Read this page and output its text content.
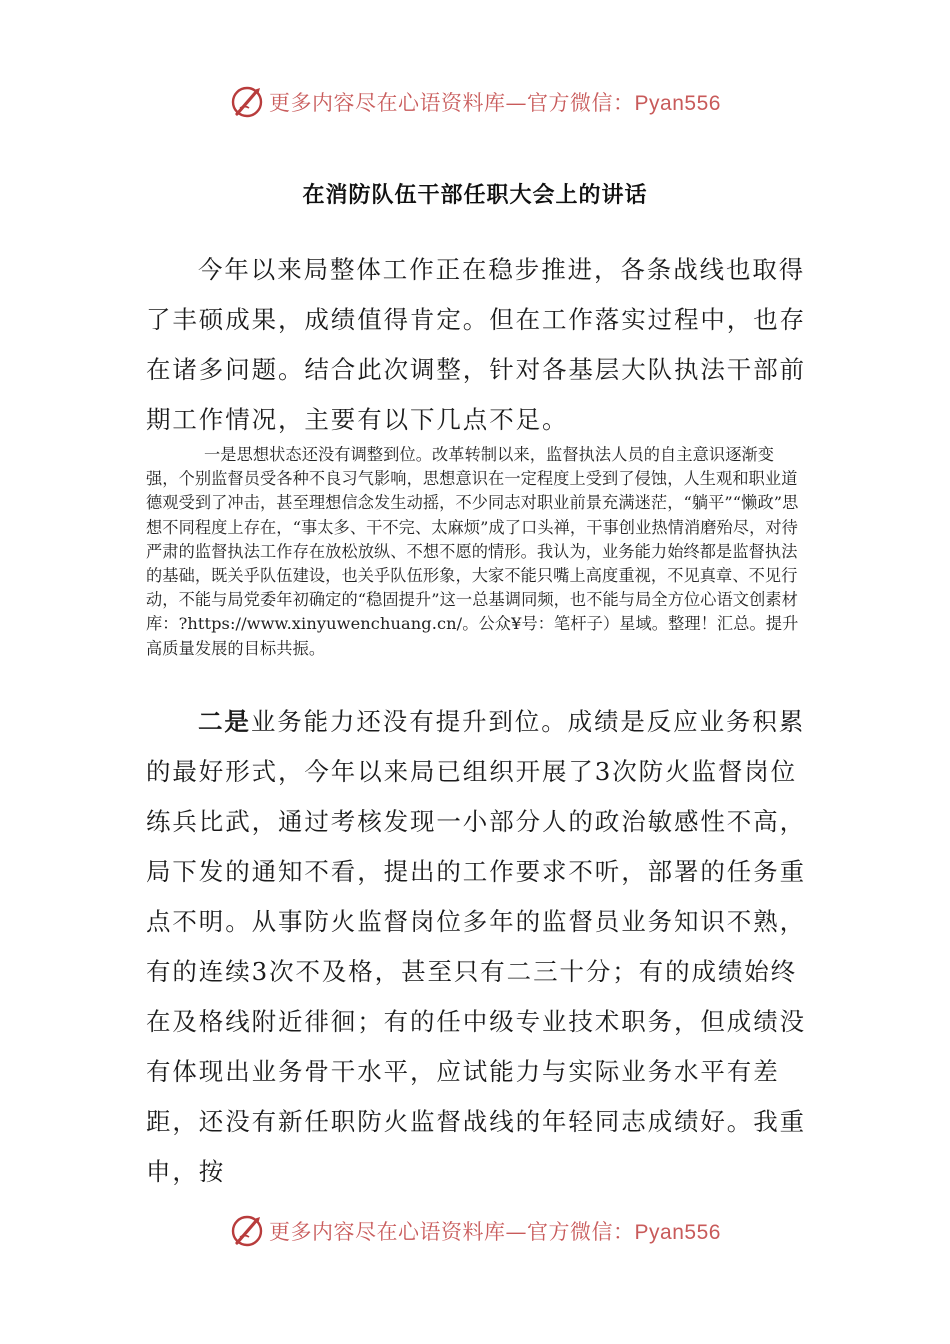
更多内容尽在心语资料库—官方微信：Pyan556
在消防队伍干部任职大会上的讲话
今年以来局整体工作正在稳步推进，各条战线也取得了丰硕成果，成绩值得肯定。但在工作落实过程中，也存在诸多问题。结合此次调整，针对各基层大队执法干部前期工作情况，主要有以下几点不足。
一是思想状态还没有调整到位。改革转制以来，监督执法人员的自主意识逐渐变强，个别监督员受各种不良习气影响，思想意识在一定程度上受到了侵蚀，人生观和职业道德观受到了冲击，甚至理想信念发生动摇，不少同志对职业前景充满迷茫，“躺平”“懒政”思想不同程度上存在，“事太多、干不完、太麻烦”成了口头禅，干事创业热情消磨殆尽，对待严肃的监督执法工作存在放松放纵、不想不愿的情形。我认为，业务能力始终都是监督执法的基础，既关乎队伍建设，也关乎队伍形象，大家不能只嘴上高度重视，不见真章、不见行动，不能与局党委年初确定的“稳固提升”这一总基调同频，也不能与局全方位心语文创素材库：?https://www.xinyuwenchuang.cn/。公众¥号：笔杆子）星域。整理！汇总。提升高质量发展的目标共振。
二是业务能力还没有提升到位。成绩是反应业务积累的最好形式，今年以来局已组织开展了3次防火监督岗位练兵比武，通过考核发现一小部分人的政治敏感性不高，局下发的通知不看，提出的工作要求不听，部署的任务重点不明。从事防火监督岗位多年的监督员业务知识不熟，有的连续3次不及格，甚至只有二三十分；有的成绩始终在及格线附近徘徊；有的任中级专业技术职务，但成绩没有体现出业务骨干水平，应试能力与实际业务水平有差距，还没有新任职防火监督战线的年轻同志成绩好。我重申，按
更多内容尽在心语资料库—官方微信：Pyan556
